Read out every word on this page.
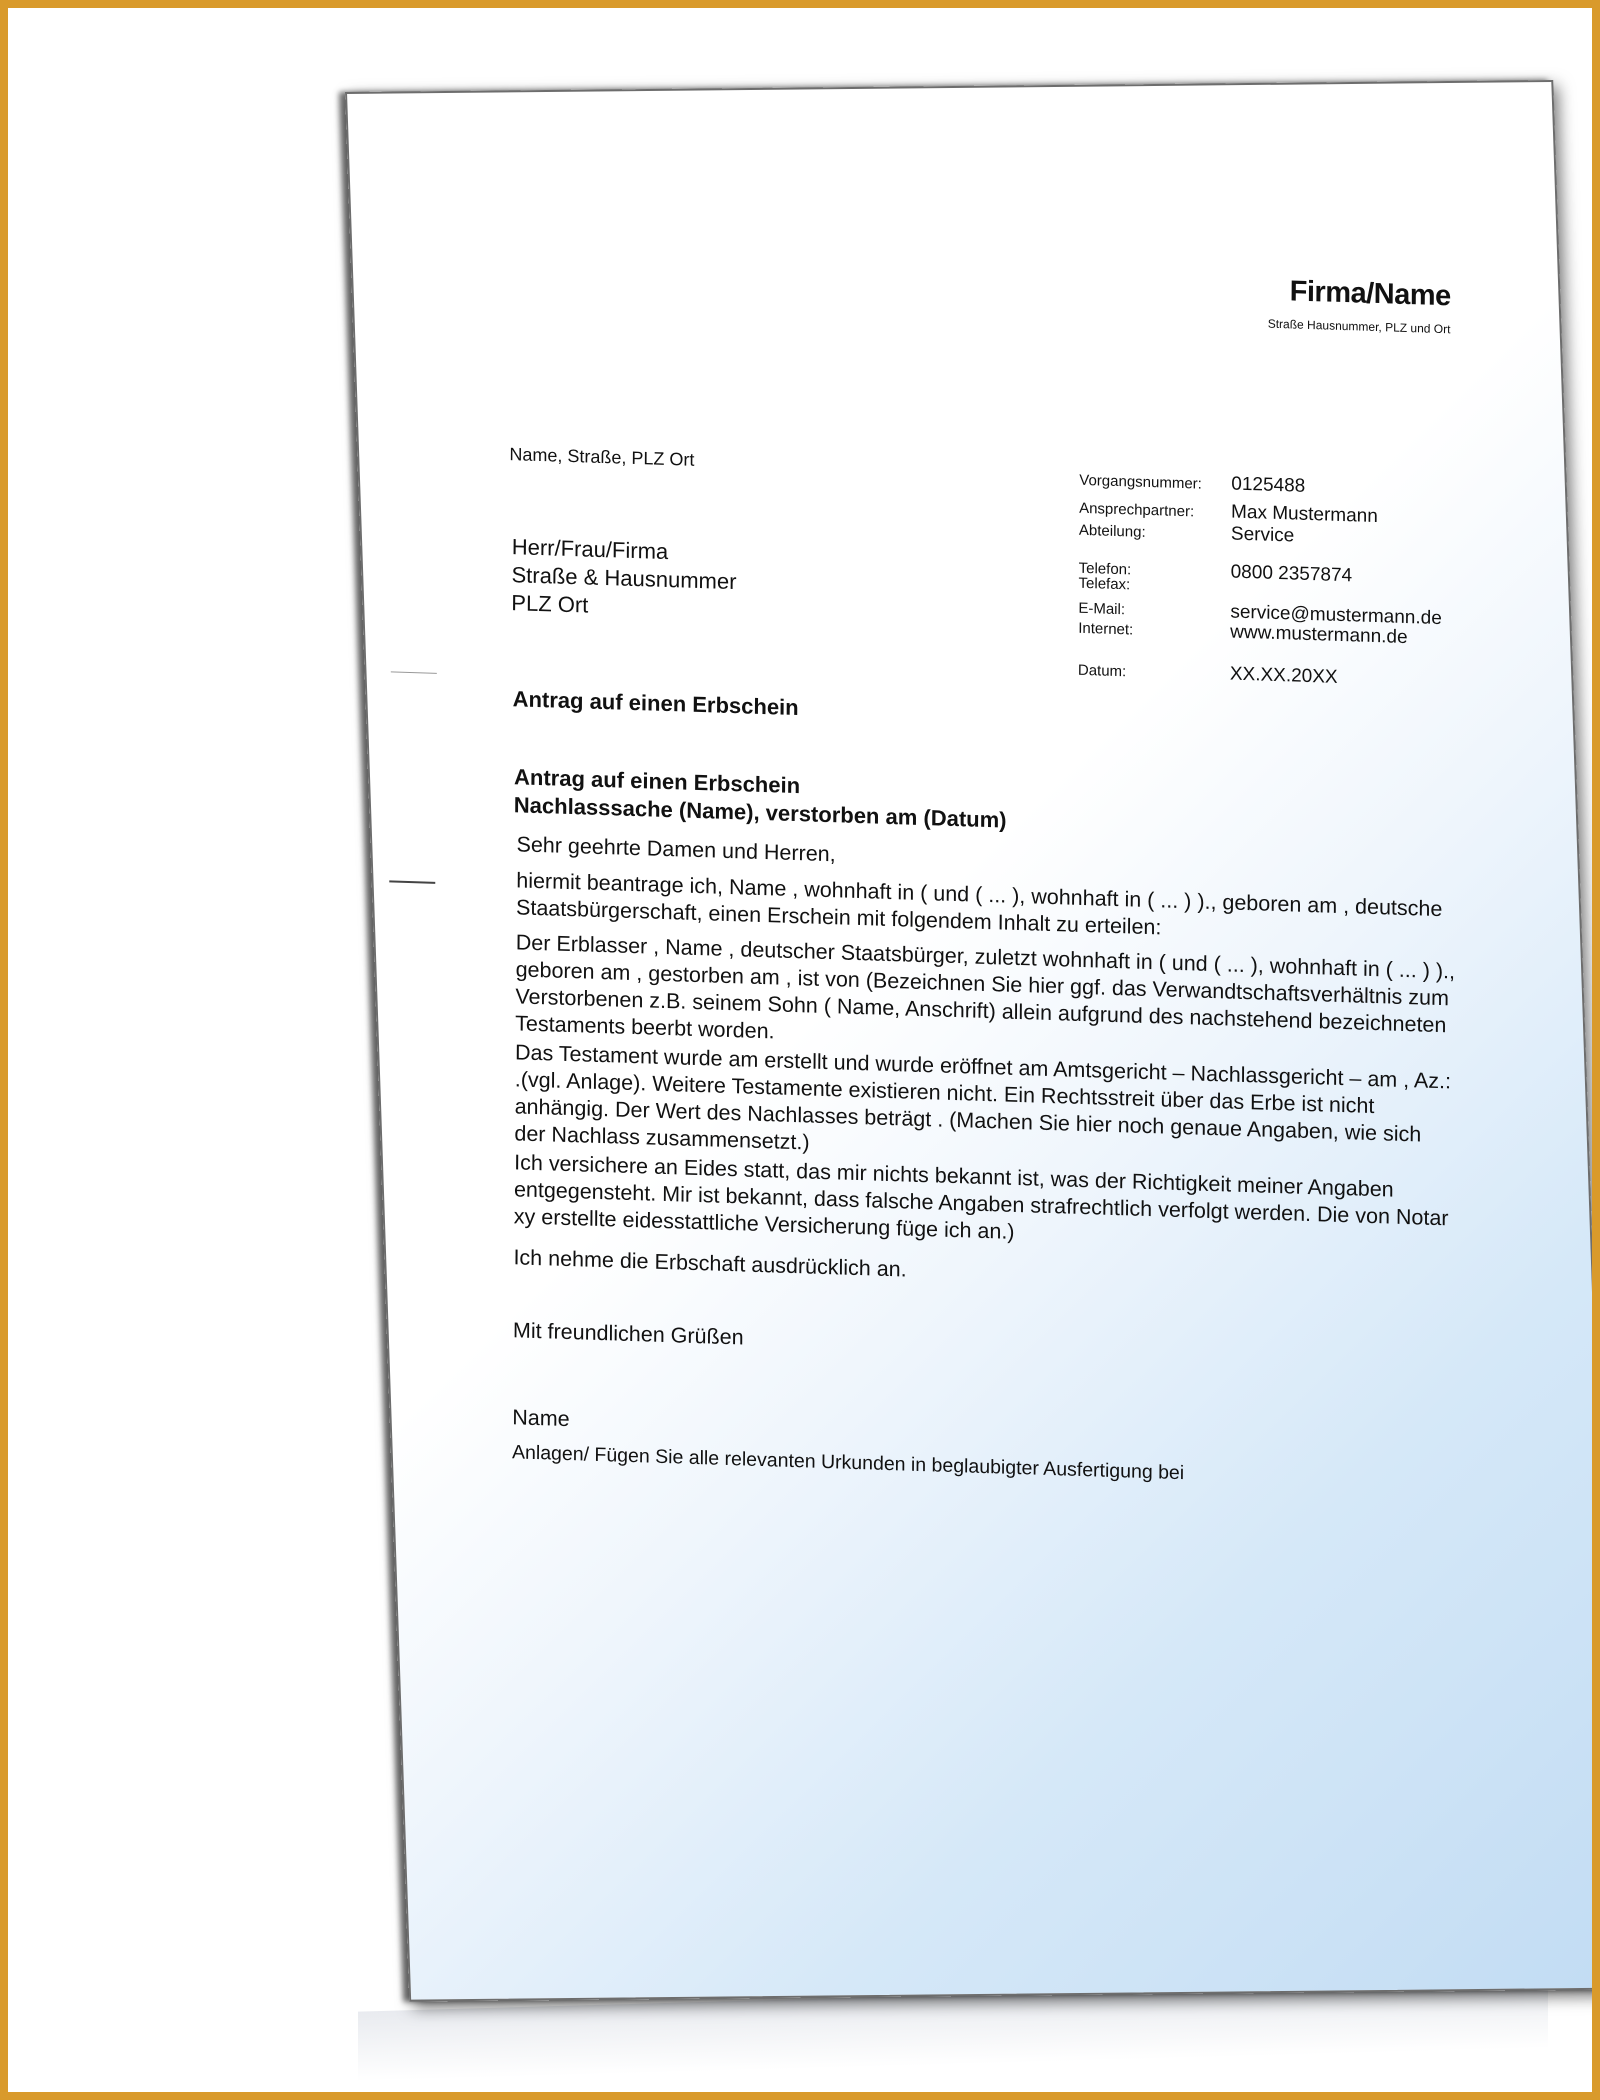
Firma/Name
Straße Hausnummer, PLZ und Ort
Name, Straße, PLZ Ort
Herr/Frau/Firma
Straße & Hausnummer
PLZ Ort
Vorgangsnummer: 0125488
Ansprechpartner: Max Mustermann
Abteilung:	Service
Telefon:	0800 2357874
Telefax:
E-Mail:	service@mustermann.de
Internet:	www.mustermann.de
Datum:	XX.XX.20XX
Antrag auf einen Erbschein
Antrag auf einen Erbschein
Nachlasssache (Name), verstorben am (Datum)
Sehr geehrte Damen und Herren,

hiermit beantrage ich, Name , wohnhaft in ( und ( ... ), wohnhaft in ( ... ) )., geboren am , deutsche Staatsbürgerschaft, einen Erschein mit folgendem Inhalt zu erteilen:

Der Erblasser , Name , deutscher Staatsbürger, zuletzt wohnhaft in ( und ( ... ), wohnhaft in ( ... ) )., geboren am , gestorben am , ist von (Bezeichnen Sie hier ggf. das Verwandtschaftsverhältnis zum Verstorbenen z.B. seinem Sohn ( Name, Anschrift) allein aufgrund des nachstehend bezeichneten Testaments beerbt worden.

Das Testament wurde am erstellt und wurde eröffnet am Amtsgericht – Nachlassgericht – am , Az.: .(vgl. Anlage). Weitere Testamente existieren nicht. Ein Rechtsstreit über das Erbe ist nicht anhängig. Der Wert des Nachlasses beträgt . (Machen Sie hier noch genaue Angaben, wie sich der Nachlass zusammensetzt.)

Ich versichere an Eides statt, das mir nichts bekannt ist, was der Richtigkeit meiner Angaben entgegensteht. Mir ist bekannt, dass falsche Angaben strafrechtlich verfolgt werden. Die von Notar xy erstellte eidesstattliche Versicherung füge ich an.)

Ich nehme die Erbschaft ausdrücklich an.

Mit freundlichen Grüßen
Name
Anlagen/ Fügen Sie alle relevanten Urkunden in beglaubigter Ausfertigung bei
